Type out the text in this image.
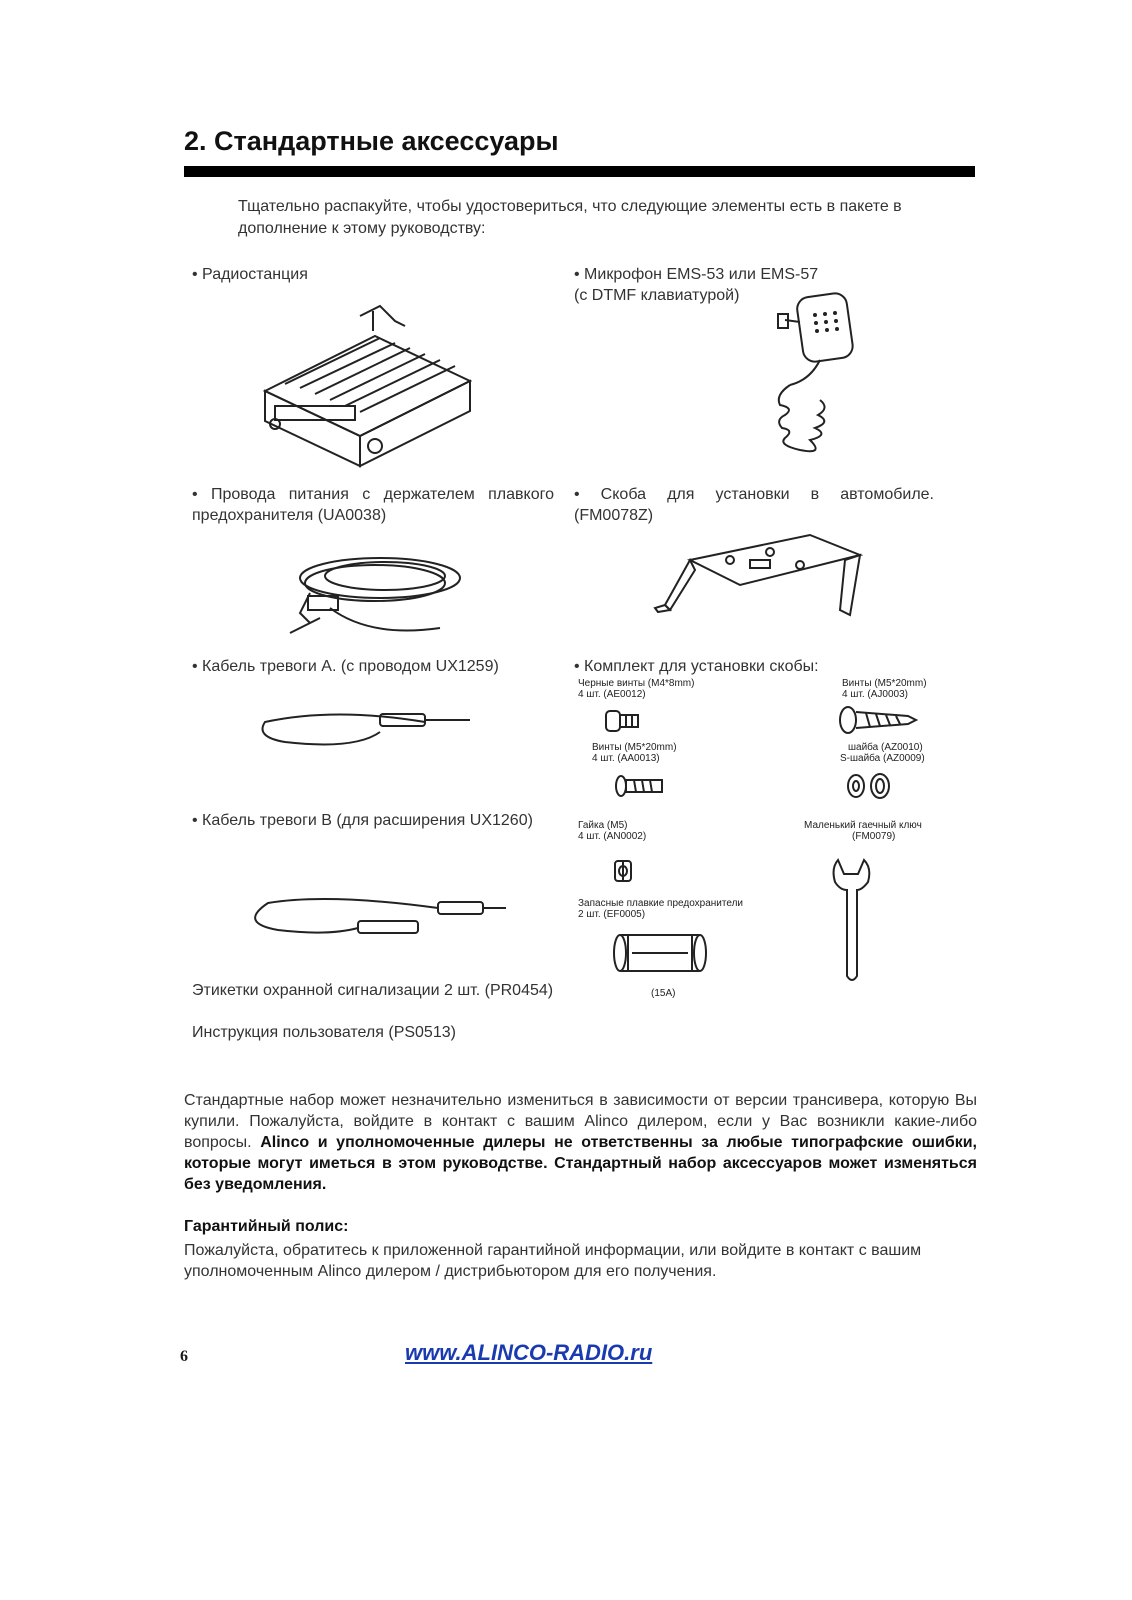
2. Стандартные аксессуары
Тщательно распакуйте, чтобы удостовериться, что следующие элементы есть в пакете в дополнение к этому руководству:
• Радиостанция
• Провода питания с держателем плавкого предохранителя (UA0038)
• Кабель тревоги А. (с проводом UX1259)
• Кабель тревоги В (для расширения UX1260)
Этикетки охранной сигнализации 2 шт. (PR0454)
Инструкция пользователя (PS0513)
• Микрофон EMS-53 или EMS-57
(с DTMF клавиатурой)
• Скоба для установки в автомобиле. (FM0078Z)
• Комплект для установки скобы:
Черные винты (M4*8mm)
4 шт. (AE0012)
Винты (M5*20mm)
4 шт. (AJ0003)
Винты (M5*20mm)
4 шт. (AA0013)
шайба (AZ0010)
S-шайба (AZ0009)
Гайка (M5)
4 шт. (AN0002)
Маленький гаечный ключ
(FM0079)
Запасные плавкие предохранители
2 шт. (EF0005)
(15A)
Стандартные набор может незначительно измениться в зависимости от версии трансивера, которую Вы купили. Пожалуйста, войдите в контакт с вашим Alinco дилером, если у Вас возникли какие-либо вопросы. Alinco и уполномоченные дилеры не ответственны за любые типографские ошибки, которые могут иметься в этом руководстве. Стандартный набор аксессуаров может изменяться без уведомления.
Гарантийный полис:
Пожалуйста, обратитесь к приложенной гарантийной информации, или войдите в контакт с вашим уполномоченным Alinco дилером / дистрибьютором для его получения.
6	www.ALINCO-RADIO.ru
